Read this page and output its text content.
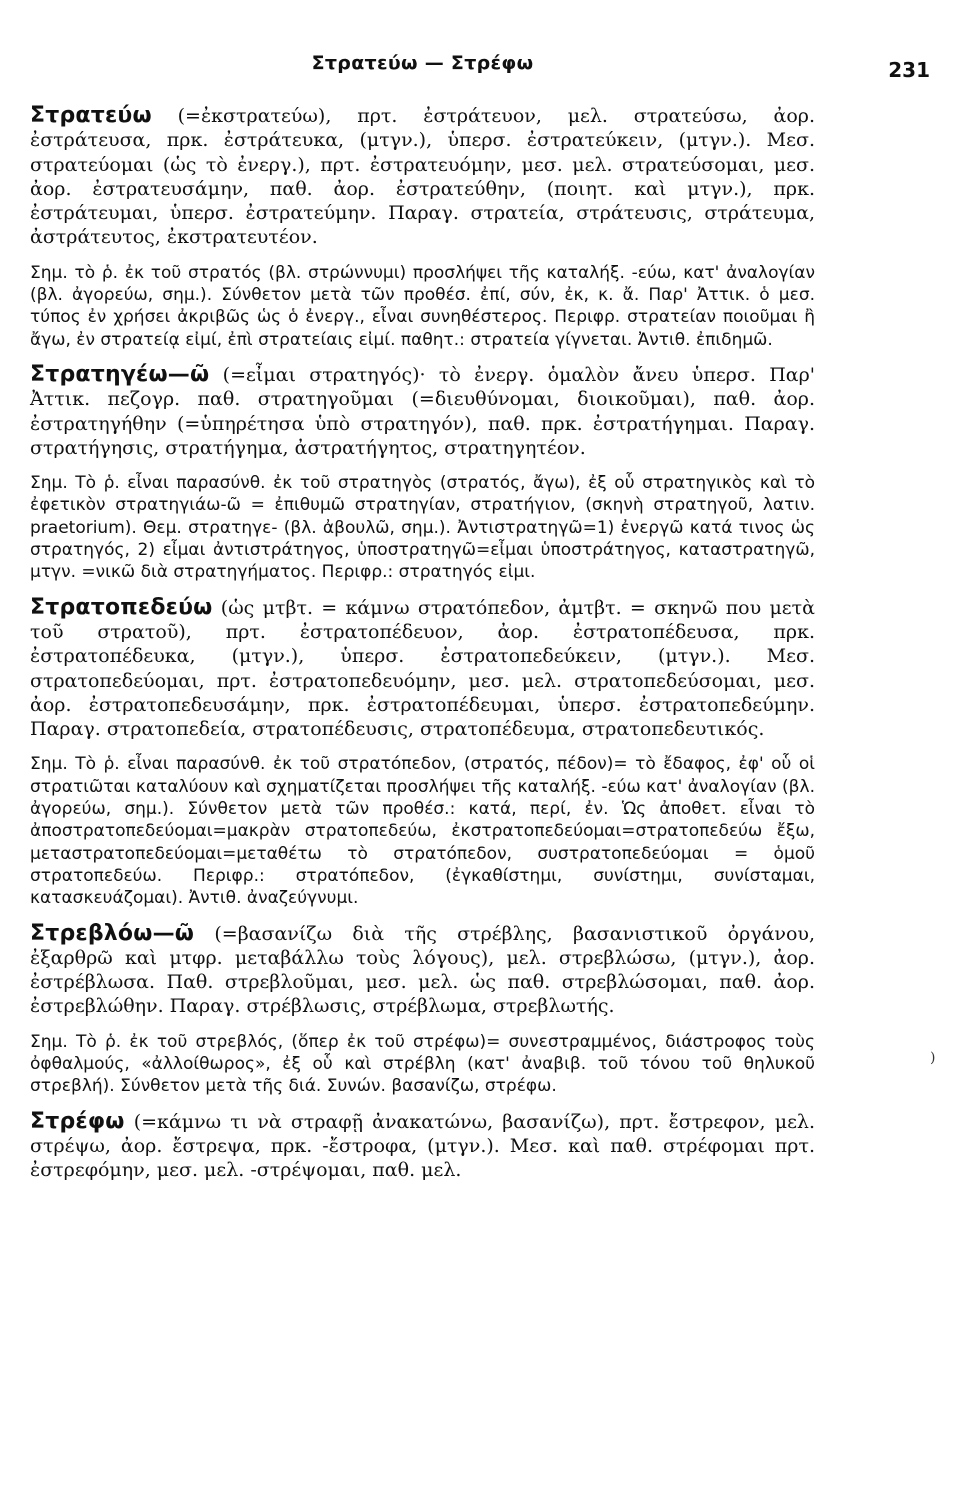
Στρατεύω — Στρέφω	231
Στρατεύω (=ἐκστρατεύω), πρτ. ἐστράτευον, μελ. στρατεύσω, ἀορ. ἐστράτευσα, πρκ. ἐστράτευκα, (μτγν.), ὑπερσ. ἐστρατεύκειν, (μτγν.). Μεσ. στρατεύομαι (ὡς τὸ ἐνεργ.), πρτ. ἐστρατευόμην, μεσ. μελ. στρατεύσομαι, μεσ. ἀορ. ἐστρατευσάμην, παθ. ἀορ. ἐστρατεύθην, (ποιητ. καὶ μτγν.), πρκ. ἐστράτευμαι, ὑπερσ. ἐστρατεύμην. Παραγ. στρατεία, στράτευσις, στράτευμα, ἀστράτευτος, ἐκστρατευτέον.
Σημ. τὸ ῥ. ἐκ τοῦ στρατός (βλ. στρώννυμι) προσλήψει τῆς καταλήξ. -εύω, κατ' ἀναλογίαν (βλ. ἀγορεύω, σημ.). Σύνθετον μετὰ τῶν προθέσ. ἐπί, σύν, ἐκ, κ. ἄ. Παρ' Ἀττικ. ὁ μεσ. τύπος ἐν χρήσει ἀκριβῶς ὡς ὁ ἐνεργ., εἶναι συνηθέστερος. Περιφρ. στρατείαν ποιοῦμαι ἢ ἄγω, ἐν στρατείᾳ εἰμί, ἐπὶ στρατείαις εἰμί. παθητ.: στρατεία γίγνεται. Ἀντιθ. ἐπιδημῶ.
Στρατηγέω—ῶ (=εἶμαι στρατηγός)· τὸ ἐνεργ. ὁμαλὸν ἄνευ ὑπερσ. Παρ' Ἀττικ. πεζογρ. παθ. στρατηγοῦμαι (=διευθύνομαι, διοικοῦμαι), παθ. ἀορ. ἐστρατηγήθην (=ὑπηρέτησα ὑπὸ στρατηγόν), παθ. πρκ. ἐστρατήγημαι. Παραγ. στρατήγησις, στρατήγημα, ἀστρατήγητος, στρατηγητέον.
Σημ. Τὸ ῥ. εἶναι παρασύνθ. ἐκ τοῦ στρατηγὸς (στρατός, ἄγω), ἐξ οὗ στρατηγικὸς καὶ τὸ ἐφετικὸν στρατηγιάω-ῶ = ἐπιθυμῶ στρατηγίαν, στρατήγιον, (σκηνὴ στρατηγοῦ, λατιν. praetorium). Θεμ. στρατηγε- (βλ. ἀβουλῶ, σημ.). Ἀντιστρατηγῶ=1) ἐνεργῶ κατά τινος ὡς στρατηγός, 2) εἶμαι ἀντιστράτηγος, ὑποστρατηγῶ=εἶμαι ὑποστράτηγος, καταστρατηγῶ, μτγν. =νικῶ διὰ στρατηγήματος. Περιφρ.: στρατηγός εἰμι.
Στρατοπεδεύω (ὡς μτβτ. = κάμνω στρατόπεδον, ἀμτβτ. = σκηνῶ που μετὰ τοῦ στρατοῦ), πρτ. ἐστρατοπέδευον, ἀορ. ἐστρατοπέδευσα, πρκ. ἐστρατοπέδευκα, (μτγν.), ὑπερσ. ἐστρατοπεδεύκειν, (μτγν.). Μεσ. στρατοπεδεύομαι, πρτ. ἐστρατοπεδευόμην, μεσ. μελ. στρατοπεδεύσομαι, μεσ. ἀορ. ἐστρατοπεδευσάμην, πρκ. ἐστρατοπέδευμαι, ὑπερσ. ἐστρατοπεδεύμην. Παραγ. στρατοπεδεία, στρατοπέδευσις, στρατοπέδευμα, στρατοπεδευτικός.
Σημ. Τὸ ῥ. εἶναι παρασύνθ. ἐκ τοῦ στρατόπεδον, (στρατός, πέδον)= τὸ ἔδαφος, ἐφ' οὗ οἱ στρατιῶται καταλύουν καὶ σχηματίζεται προσλήψει τῆς καταλήξ. -εύω κατ' ἀναλογίαν (βλ. ἀγορεύω, σημ.). Σύνθετον μετὰ τῶν προθέσ.: κατά, περί, ἐν. Ὡς ἀποθετ. εἶναι τὸ ἀποστρατοπεδεύομαι=μακρὰν στρατοπεδεύω, ἐκστρατοπεδεύομαι=στρατοπεδεύω ἔξω, μεταστρατοπεδεύομαι=μεταθέτω τὸ στρατόπεδον, συστρατοπεδεύομαι = ὁμοῦ στρατοπεδεύω. Περιφρ.: στρατόπεδον, (ἐγκαθίστημι, συνίστημι, συνίσταμαι, κατασκευάζομαι). Ἀντιθ. ἀναζεύγνυμι.
Στρεβλόω—ῶ (=βασανίζω διὰ τῆς στρέβλης, βασανιστικοῦ ὀργάνου, ἐξαρθρῶ καὶ μτφρ. μεταβάλλω τοὺς λόγους), μελ. στρεβλώσω, (μτγν.), ἀορ. ἐστρέβλωσα. Παθ. στρεβλοῦμαι, μεσ. μελ. ὡς παθ. στρεβλώσομαι, παθ. ἀορ. ἐστρεβλώθην. Παραγ. στρέβλωσις, στρέβλωμα, στρεβλωτής.
Σημ. Τὸ ῥ. ἐκ τοῦ στρεβλός, (ὅπερ ἐκ τοῦ στρέφω)= συνεστραμμένος, διάστροφος τοὺς ὀφθαλμούς, «ἀλλοίθωρος», ἐξ οὗ καὶ στρέβλη (κατ' ἀναβιβ. τοῦ τόνου τοῦ θηλυκοῦ στρεβλή). Σύνθετον μετὰ τῆς διά. Συνών. βασανίζω, στρέφω.
Στρέφω (=κάμνω τι νὰ στραφῇ ἀνακατώνω, βασανίζω), πρτ. ἔστρεφον, μελ. στρέψω, ἀορ. ἔστρεψα, πρκ. -ἔστροφα, (μτγν.). Μεσ. καὶ παθ. στρέφομαι πρτ. ἐστρεφόμην, μεσ. μελ. -στρέψομαι, παθ. μελ.
)
